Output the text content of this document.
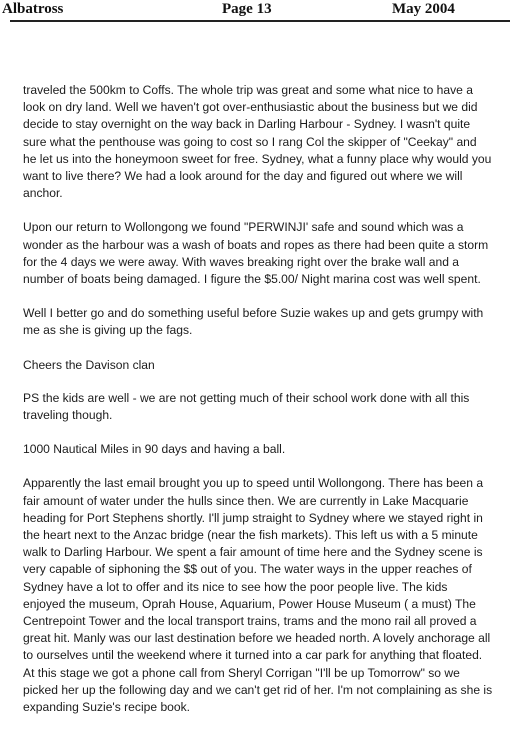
Albatross	Page 13	May 2004

traveled the 500km to Coffs. The whole trip was great and some what nice to have a look on dry land. Well we haven't got over-enthusiastic about the business but we did decide to stay overnight on the way back in Darling Harbour - Sydney. I wasn't quite sure what the penthouse was going to cost so I rang Col the skipper of "Ceekay" and he let us into the honeymoon sweet for free. Sydney, what a funny place why would you want to live there? We had a look around for the day and figured out where we will anchor.

Upon our return to Wollongong we found "PERWINJI' safe and sound which was a wonder as the harbour was a wash of boats and ropes as there had been quite a storm for the 4 days we were away. With waves breaking right over the brake wall and a number of boats being damaged. I figure the $5.00/ Night marina cost was well spent.

Well I better go and do something useful before Suzie wakes up and gets grumpy with me as she is giving up the fags.

Cheers the Davison clan

PS the kids are well - we are not getting much of their school work done with all this traveling though.

1000 Nautical Miles in 90 days and having a ball.

Apparently the last email brought you up to speed until Wollongong. There has been a fair amount of water under the hulls since then. We are currently in Lake Macquarie heading for Port Stephens shortly. I'll jump straight to Sydney where we stayed right in the heart next to the Anzac bridge (near the fish markets). This left us with a 5 minute walk to Darling Harbour. We spent a fair amount of time here and the Sydney scene is very capable of siphoning the $$ out of you. The water ways in the upper reaches of Sydney have a lot to offer and its nice to see how the poor people live. The kids enjoyed the museum, Oprah House, Aquarium, Power House Museum ( a must) The Centrepoint Tower and the local transport trains, trams and the mono rail all proved a great hit. Manly was our last destination before we headed north. A lovely anchorage all to ourselves until the weekend where it turned into a car park for anything that floated. At this stage we got a phone call from Sheryl Corrigan "I'll be up Tomorrow" so we picked her up the following day and we can't get rid of her. I'm not complaining as she is expanding Suzie's recipe book.
